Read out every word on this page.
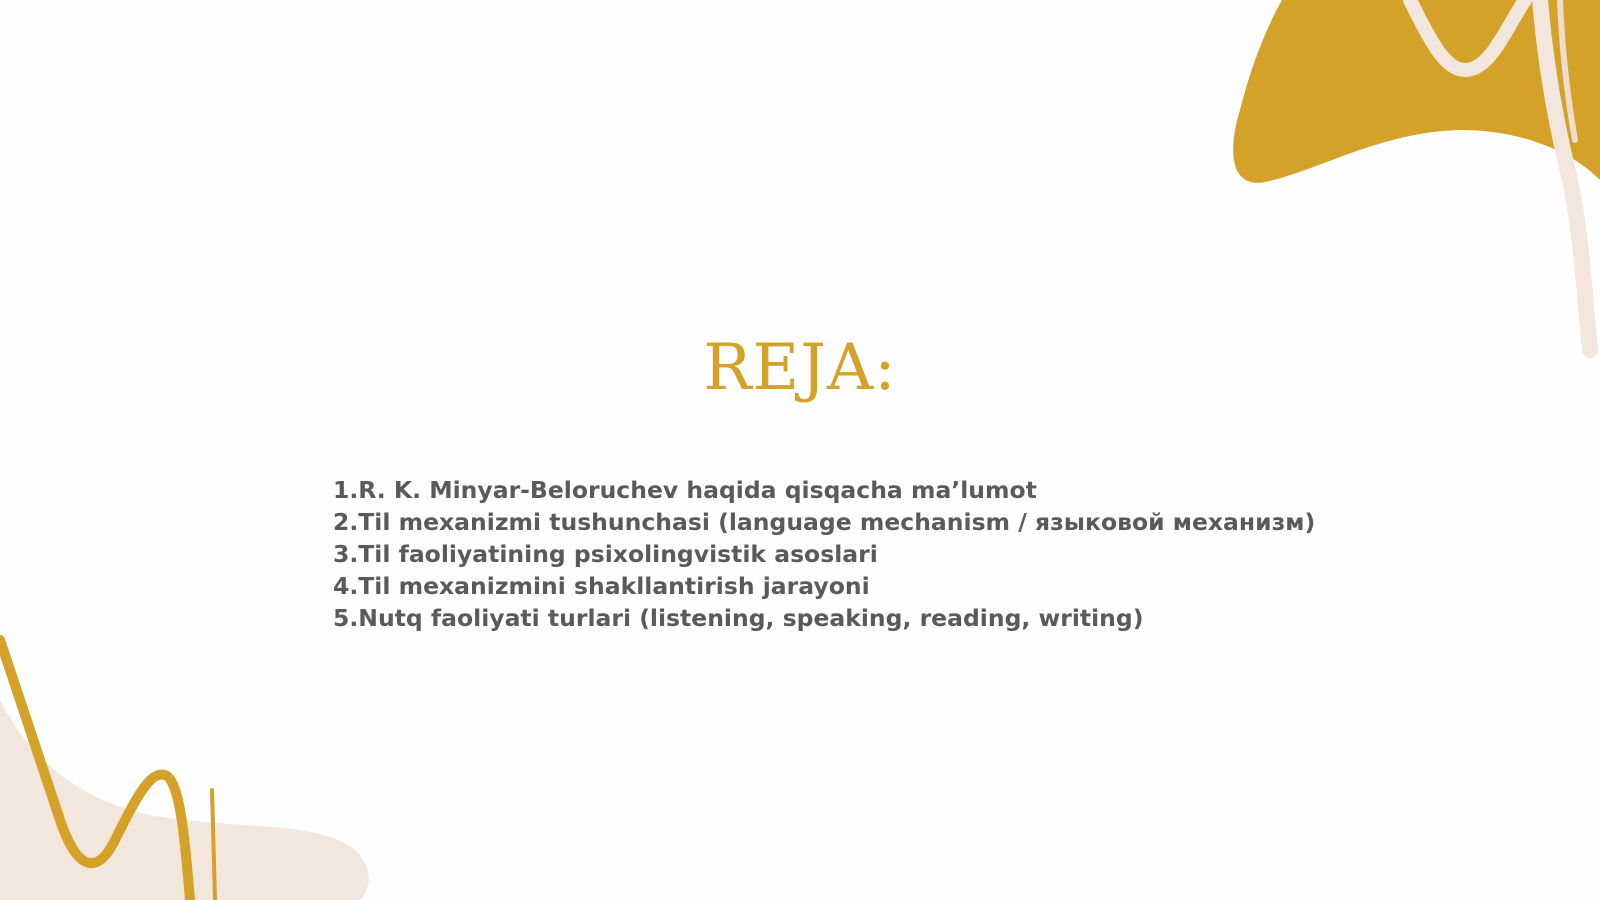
REJA:
1.R. K. Minyar-Beloruchev haqida qisqacha ma’lumot
2.Til mexanizmi tushunchasi (language mechanism / языковой механизм)
3.Til faoliyatining psixolingvistik asoslari
4.Til mexanizmini shakllantirish jarayoni
5.Nutq faoliyati turlari (listening, speaking, reading, writing)
